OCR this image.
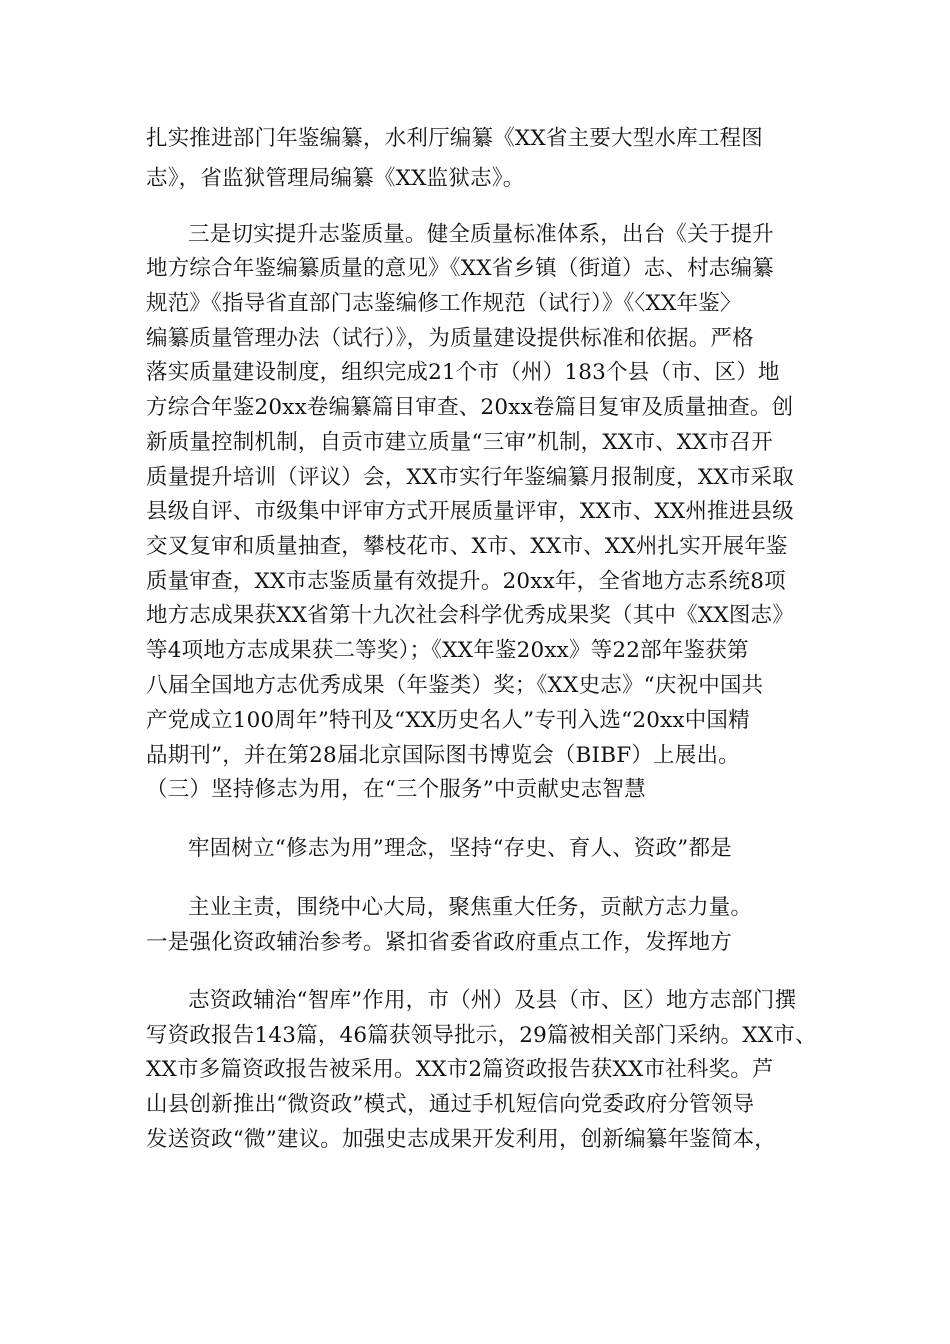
扎实推进部门年鉴编纂，水利厅编纂《XX省主要大型水库工程图
志》，省监狱管理局编纂《XX监狱志》。
三是切实提升志鉴质量。健全质量标准体系，出台《关于提升
地方综合年鉴编纂质量的意见》《XX省乡镇（街道）志、村志编纂
规范》《指导省直部门志鉴编修工作规范（试行）》《〈XX年鉴〉
编纂质量管理办法（试行）》，为质量建设提供标准和依据。严格
落实质量建设制度，组织完成21个市（州）183个县（市、区）地
方综合年鉴20xx卷编纂篇目审查、20xx卷篇目复审及质量抽查。创
新质量控制机制，自贡市建立质量“三审”机制，XX市、XX市召开
质量提升培训（评议）会，XX市实行年鉴编纂月报制度，XX市采取
县级自评、市级集中评审方式开展质量评审，XX市、XX州推进县级
交叉复审和质量抽查，攀枝花市、X市、XX市、XX州扎实开展年鉴
质量审查，XX市志鉴质量有效提升。20xx年，全省地方志系统8项
地方志成果获XX省第十九次社会科学优秀成果奖（其中《XX图志》
等4项地方志成果获二等奖）；《XX年鉴20xx》等22部年鉴获第
八届全国地方志优秀成果（年鉴类）奖；《XX史志》“庆祝中国共
产党成立100周年”特刊及“XX历史名人”专刊入选“20xx中国精
品期刊”，并在第28届北京国际图书博览会（BIBF）上展出。
（三）坚持修志为用，在“三个服务”中贡献史志智慧
牢固树立“修志为用”理念，坚持“存史、育人、资政”都是
主业主责，围绕中心大局，聚焦重大任务，贡献方志力量。
一是强化资政辅治参考。紧扣省委省政府重点工作，发挥地方
志资政辅治“智库”作用，市（州）及县（市、区）地方志部门撰
写资政报告143篇，46篇获领导批示，29篇被相关部门采纳。XX市、
XX市多篇资政报告被采用。XX市2篇资政报告获XX市社科奖。芦
山县创新推出“微资政”模式，通过手机短信向党委政府分管领导
发送资政“微”建议。加强史志成果开发利用，创新编纂年鉴简本，
